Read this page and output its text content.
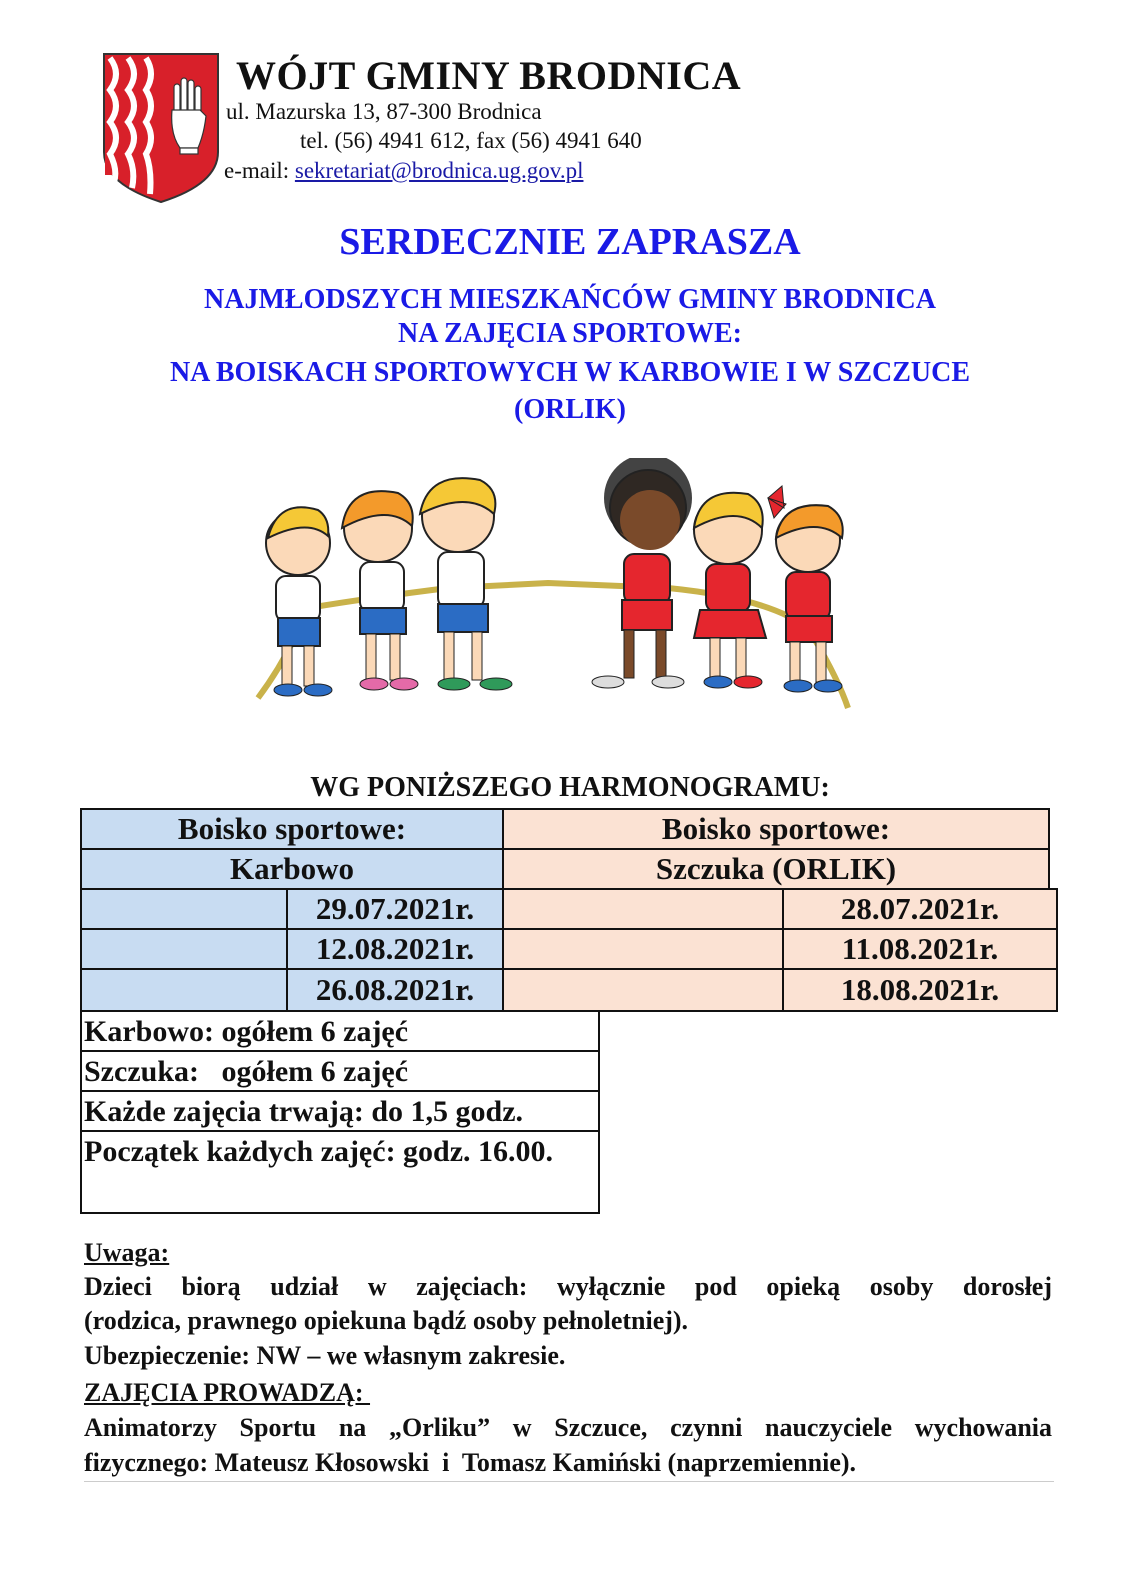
WÓJT GMINY BRODNICA
ul. Mazurska 13, 87-300 Brodnica
tel. (56) 4941 612, fax (56) 4941 640
e-mail: sekretariat@brodnica.ug.gov.pl
SERDECZNIE ZAPRASZA
NAJMŁODSZYCH MIESZKAŃCÓW GMINY BRODNICA
NA ZAJĘCIA SPORTOWE:
NA BOISKACH SPORTOWYCH W KARBOWIE I W SZCZUCE
(ORLIK)
WG PONIŻSZEGO HARMONOGRAMU:
Boisko sportowe:	Boisko sportowe:
Karbowo	Szczuka (ORLIK)
29.07.2021r.	28.07.2021r.
12.08.2021r.	11.08.2021r.
26.08.2021r.	18.08.2021r.
Karbowo: ogółem 6 zajęć
Szczuka:   ogółem 6 zajęć
Każde zajęcia trwają: do 1,5 godz.
Początek każdych zajęć: godz. 16.00.
Uwaga:
Dzieci biorą udział w zajęciach: wyłącznie pod opieką osoby dorosłej
(rodzica, prawnego opiekuna bądź osoby pełnoletniej).
Ubezpieczenie: NW – we własnym zakresie.
ZAJĘCIA PROWADZĄ:
Animatorzy Sportu na „Orliku” w Szczuce, czynni nauczyciele wychowania
fizycznego: Mateusz Kłosowski  i  Tomasz Kamiński (naprzemiennie).
